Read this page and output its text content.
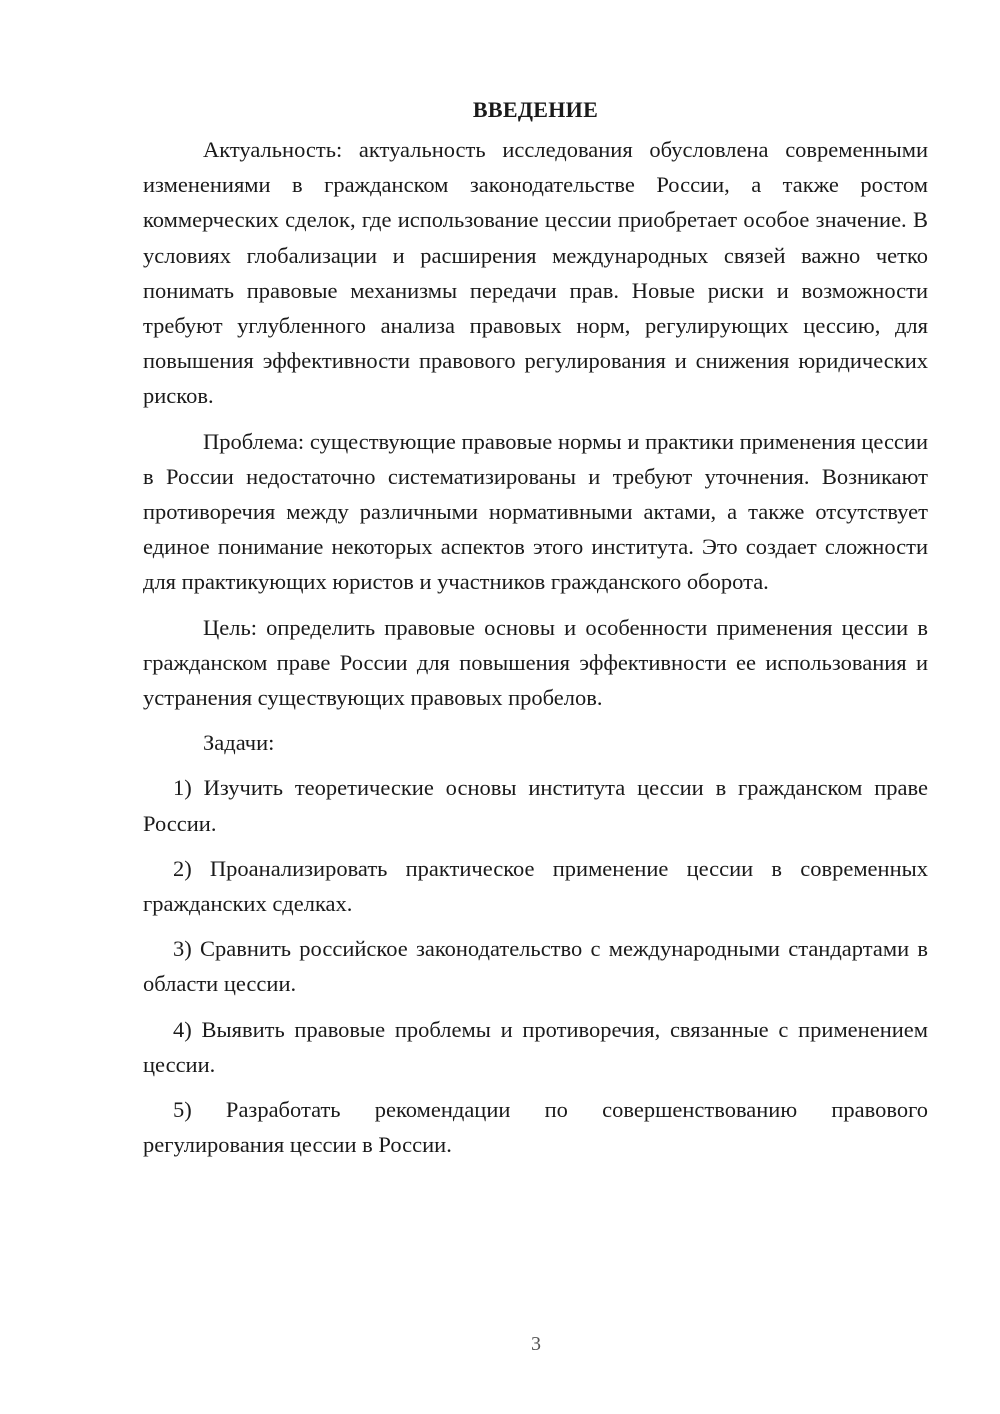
ВВЕДЕНИЕ

Актуальность: актуальность исследования обусловлена современными изменениями в гражданском законодательстве России, а также ростом коммерческих сделок, где использование цессии приобретает особое значение. В условиях глобализации и расширения международных связей важно четко понимать правовые механизмы передачи прав. Новые риски и возможности требуют углубленного анализа правовых норм, регулирующих цессию, для повышения эффективности правового регулирования и снижения юридических рисков.

Проблема: существующие правовые нормы и практики применения цессии в России недостаточно систематизированы и требуют уточнения. Возникают противоречия между различными нормативными актами, а также отсутствует единое понимание некоторых аспектов этого института. Это создает сложности для практикующих юристов и участников гражданского оборота.

Цель: определить правовые основы и особенности применения цессии в гражданском праве России для повышения эффективности ее использования и устранения существующих правовых пробелов.

Задачи:

1) Изучить теоретические основы института цессии в гражданском праве России.

2) Проанализировать практическое применение цессии в современных гражданских сделках.

3) Сравнить российское законодательство с международными стандартами в области цессии.

4) Выявить правовые проблемы и противоречия, связанные с применением цессии.

5) Разработать рекомендации по совершенствованию правового регулирования цессии в России.

3
